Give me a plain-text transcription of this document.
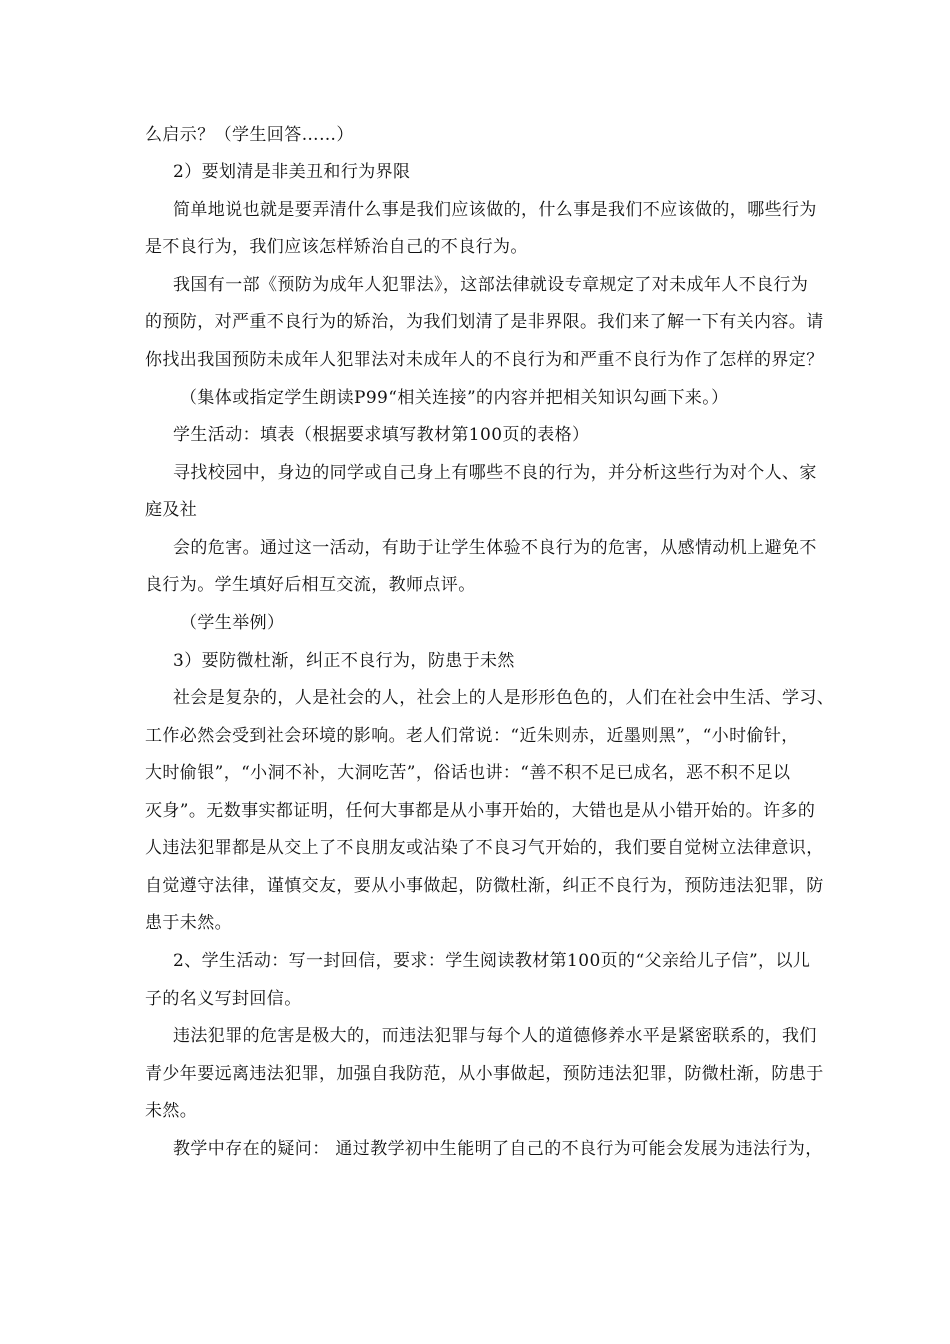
么启示？（学生回答……）
2）要划清是非美丑和行为界限
简单地说也就是要弄清什么事是我们应该做的，什么事是我们不应该做的，哪些行为
是不良行为，我们应该怎样矫治自己的不良行为。
我国有一部《预防为成年人犯罪法》，这部法律就设专章规定了对未成年人不良行为
的预防，对严重不良行为的矫治，为我们划清了是非界限。我们来了解一下有关内容。请
你找出我国预防未成年人犯罪法对未成年人的不良行为和严重不良行为作了怎样的界定？
（集体或指定学生朗读P99“相关连接”的内容并把相关知识勾画下来。）
学生活动：填表（根据要求填写教材第100页的表格）
寻找校园中，身边的同学或自己身上有哪些不良的行为，并分析这些行为对个人、家
庭及社
会的危害。通过这一活动，有助于让学生体验不良行为的危害，从感情动机上避免不
良行为。学生填好后相互交流，教师点评。
（学生举例）
3）要防微杜渐，纠正不良行为，防患于未然
社会是复杂的，人是社会的人，社会上的人是形形色色的，人们在社会中生活、学习、
工作必然会受到社会环境的影响。老人们常说：“近朱则赤，近墨则黑”，“小时偷针，
大时偷银”，“小洞不补，大洞吃苦”，俗话也讲：“善不积不足已成名，恶不积不足以
灭身”。无数事实都证明，任何大事都是从小事开始的，大错也是从小错开始的。许多的
人违法犯罪都是从交上了不良朋友或沾染了不良习气开始的，我们要自觉树立法律意识，
自觉遵守法律，谨慎交友，要从小事做起，防微杜渐，纠正不良行为，预防违法犯罪，防
患于未然。
2、学生活动：写一封回信，要求：学生阅读教材第100页的“父亲给儿子信”，以儿
子的名义写封回信。
违法犯罪的危害是极大的，而违法犯罪与每个人的道德修养水平是紧密联系的，我们
青少年要远离违法犯罪，加强自我防范，从小事做起，预防违法犯罪，防微杜渐，防患于
未然。
教学中存在的疑问： 通过教学初中生能明了自己的不良行为可能会发展为违法行为，
